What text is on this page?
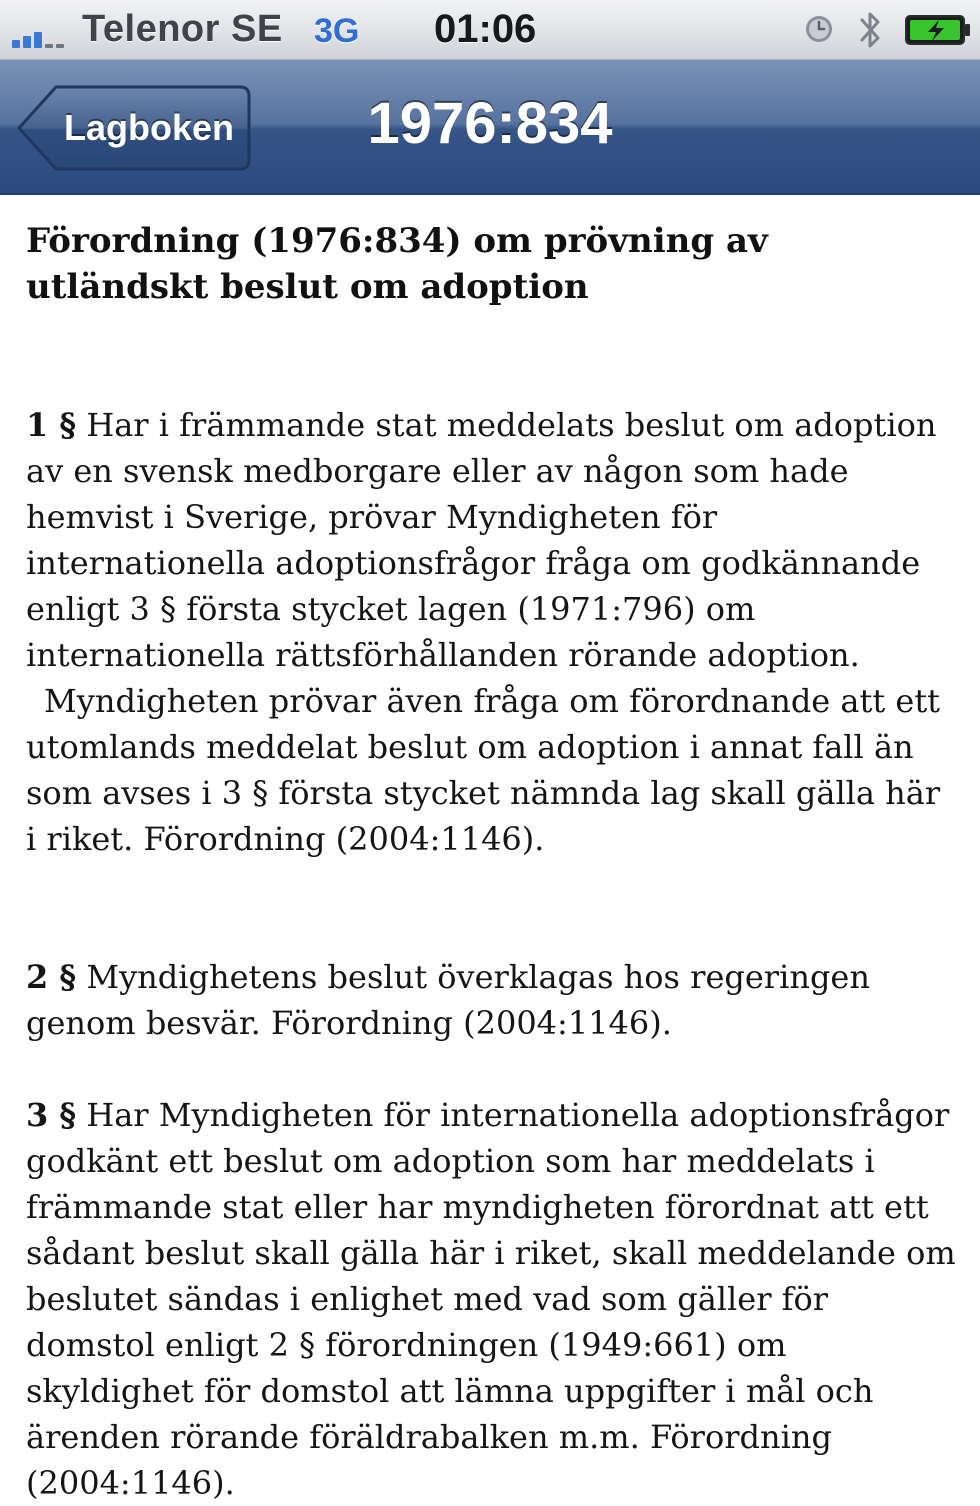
Telenor SE 3G 01:06
Lagboken	1976:834

Förordning (1976:834) om prövning av utländskt beslut om adoption

1 § Har i främmande stat meddelats beslut om adoption av en svensk medborgare eller av någon som hade hemvist i Sverige, prövar Myndigheten för internationella adoptionsfrågor fråga om godkännande enligt 3 § första stycket lagen (1971:796) om internationella rättsförhållanden rörande adoption.
Myndigheten prövar även fråga om förordnande att ett utomlands meddelat beslut om adoption i annat fall än som avses i 3 § första stycket nämnda lag skall gälla här i riket. Förordning (2004:1146).

2 § Myndighetens beslut överklagas hos regeringen genom besvär. Förordning (2004:1146).

3 § Har Myndigheten för internationella adoptionsfrågor godkänt ett beslut om adoption som har meddelats i främmande stat eller har myndigheten förordnat att ett sådant beslut skall gälla här i riket, skall meddelande om beslutet sändas i enlighet med vad som gäller för domstol enligt 2 § förordningen (1949:661) om skyldighet för domstol att lämna uppgifter i mål och ärenden rörande föräldrabalken m.m. Förordning (2004:1146).
